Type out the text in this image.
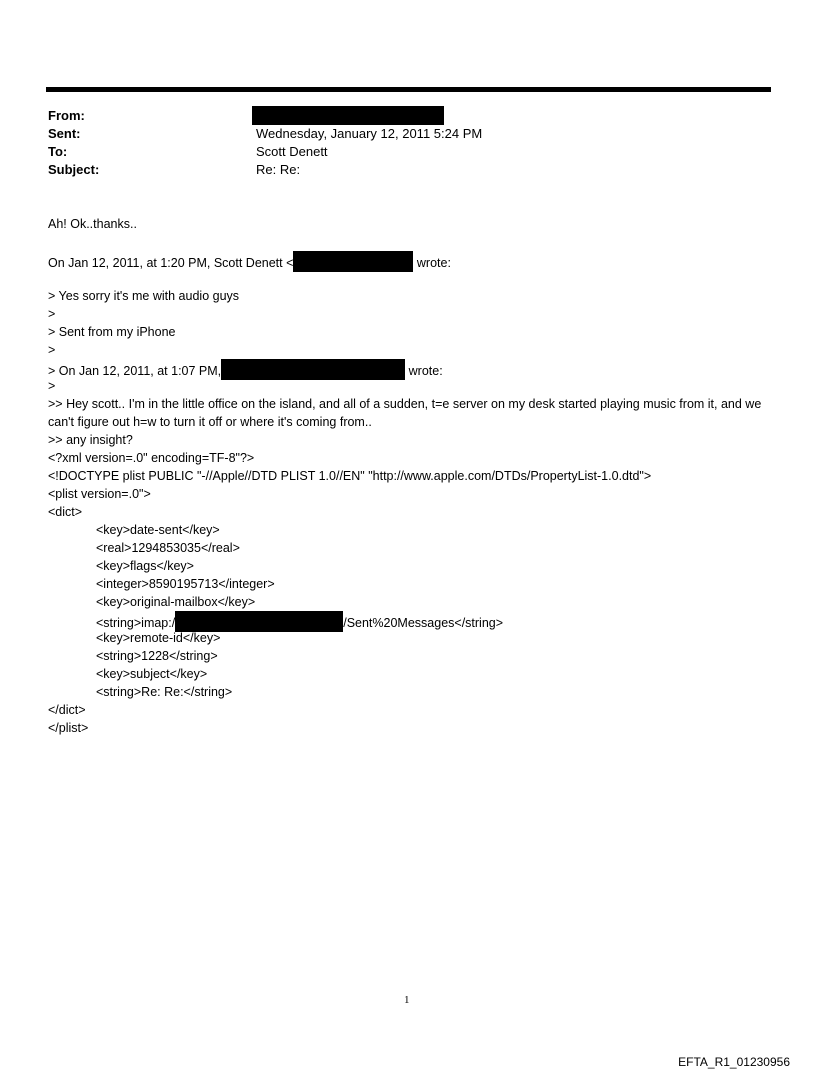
From:
Sent:	Wednesday, January 12, 2011 5:24 PM
To:	Scott Denett
Subject:	Re: Re:
Ah! Ok..thanks..
On Jan 12, 2011, at 1:20 PM, Scott Denett <	wrote:
> Yes sorry it's me with audio guys
>
> Sent from my iPhone
>
> On Jan 12, 2011, at 1:07 PM,	wrote:
>
>> Hey scott.. I'm in the little office on the island, and all of a sudden, t=e server on my desk started playing music from it, and we can't figure out h=w to turn it off or where it's coming from..
>> any insight?
<?xml version=.0" encoding=TF-8"?>
<!DOCTYPE plist PUBLIC "-//Apple//DTD PLIST 1.0//EN" "http://www.apple.com/DTDs/PropertyList-1.0.dtd">
<plist version=.0">
<dict>
<key>date-sent</key>
<real>1294853035</real>
<key>flags</key>
<integer>8590195713</integer>
<key>original-mailbox</key>
<string>imap:/	/Sent%20Messages</string>
<key>remote-id</key>
<string>1228</string>
<key>subject</key>
<string>Re: Re:</string>
</dict>
</plist>
1
EFTA_R1_01230956
